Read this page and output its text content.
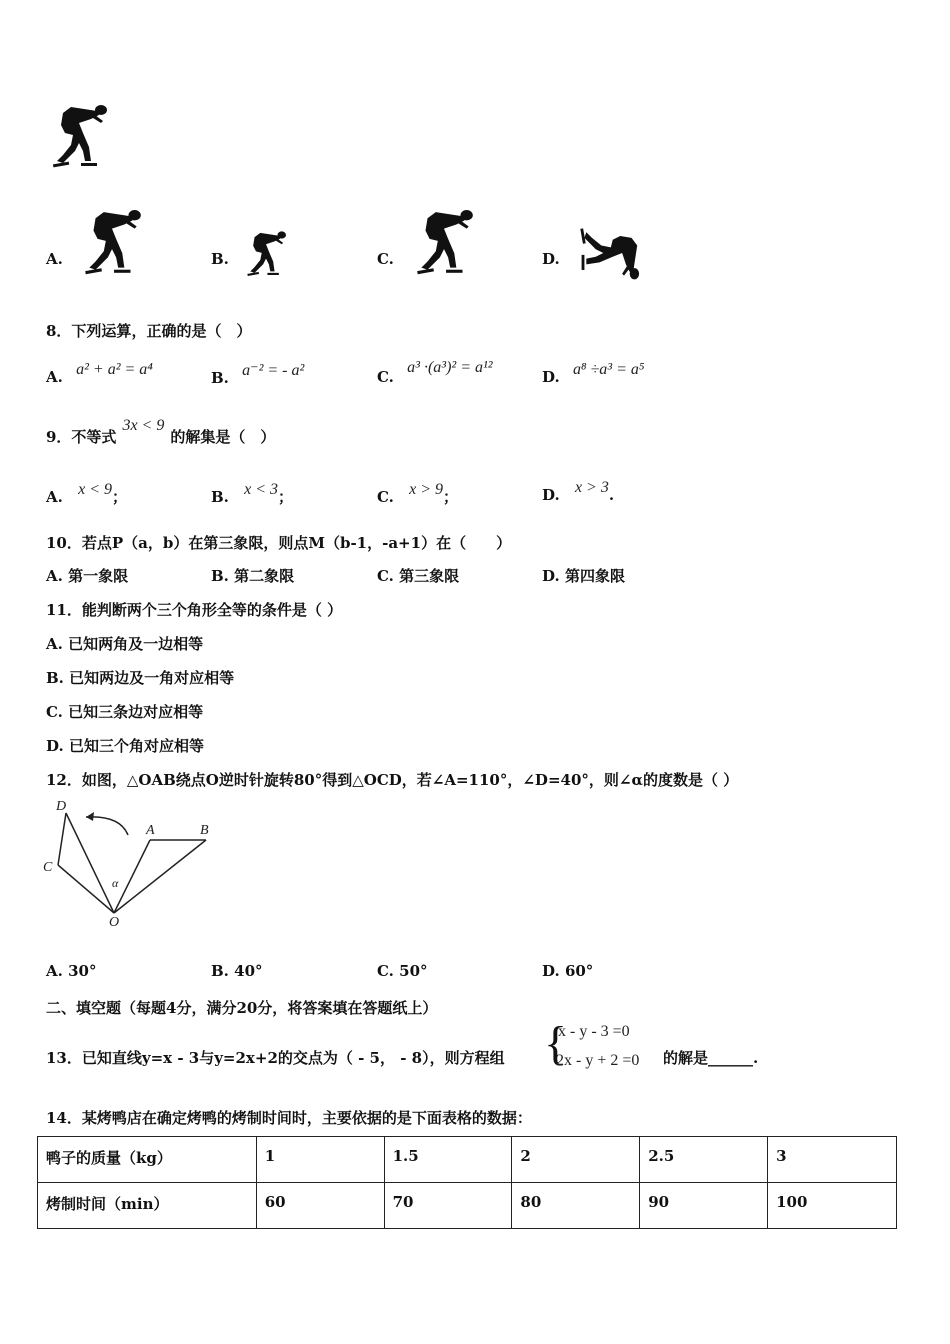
A.	B.	C.	D.
8．下列运算，正确的是（　）
A. a² + a² = a⁴	B. a⁻² = - a²	C. a³ ·(a³)² = a¹²
D. a⁸ ÷a³ = a⁵
9．不等式3x < 9的解集是（　）
A. x < 9；	B. x < 3；	C. x > 9；	D. x > 3.
10．若点P（a，b）在第三象限，则点M（b-1，-a+1）在（　　）
A. 第一象限	B. 第二象限	C. 第三象限	D. 第四象限
11．能判断两个三个角形全等的条件是（ ）
A. 已知两角及一边相等
B. 已知两边及一角对应相等
C. 已知三条边对应相等
D. 已知三个角对应相等
12．如图，△OAB绕点O逆时针旋转80°得到△OCD，若∠A=110°，∠D=40°，则∠α的度数是（ ）
D
A	B
C
α
O
A. 30°	B. 40°	C. 50°	D. 60°
二、填空题（每题4分，满分20分，将答案填在答题纸上）
13．已知直线y=x - 3与y=2x+2的交点为（ - 5， - 8），则方程组 {
x - y - 3 =0
2x - y + 2 =0 的解是______.
14．某烤鸭店在确定烤鸭的烤制时间时，主要依据的是下面表格的数据：
鸭子的质量（kg）	1	1.5	2	2.5	3
烤制时间（min）	60	70	80	90	100
